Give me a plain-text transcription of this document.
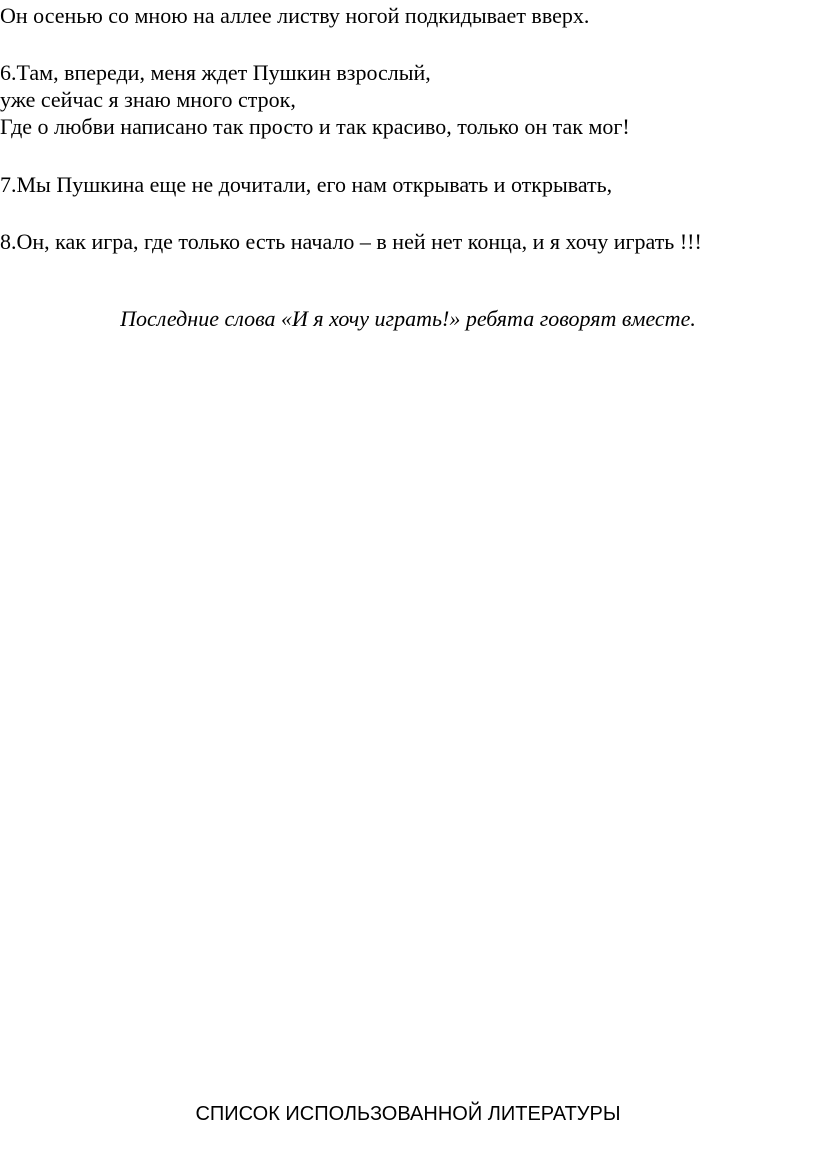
Он осенью со мною на аллее листву ногой подкидывает вверх.
6.Там, впереди, меня ждет Пушкин взрослый,
уже сейчас я знаю много строк,
Где о любви написано так просто и так красиво, только он так мог!
7.Мы Пушкина еще не дочитали, его нам открывать и открывать,
8.Он, как игра, где только есть начало – в ней нет конца, и я хочу играть !!!
Последние слова «И я хочу играть!» ребята говорят вместе.
СПИСОК ИСПОЛЬЗОВАННОЙ ЛИТЕРАТУРЫ
